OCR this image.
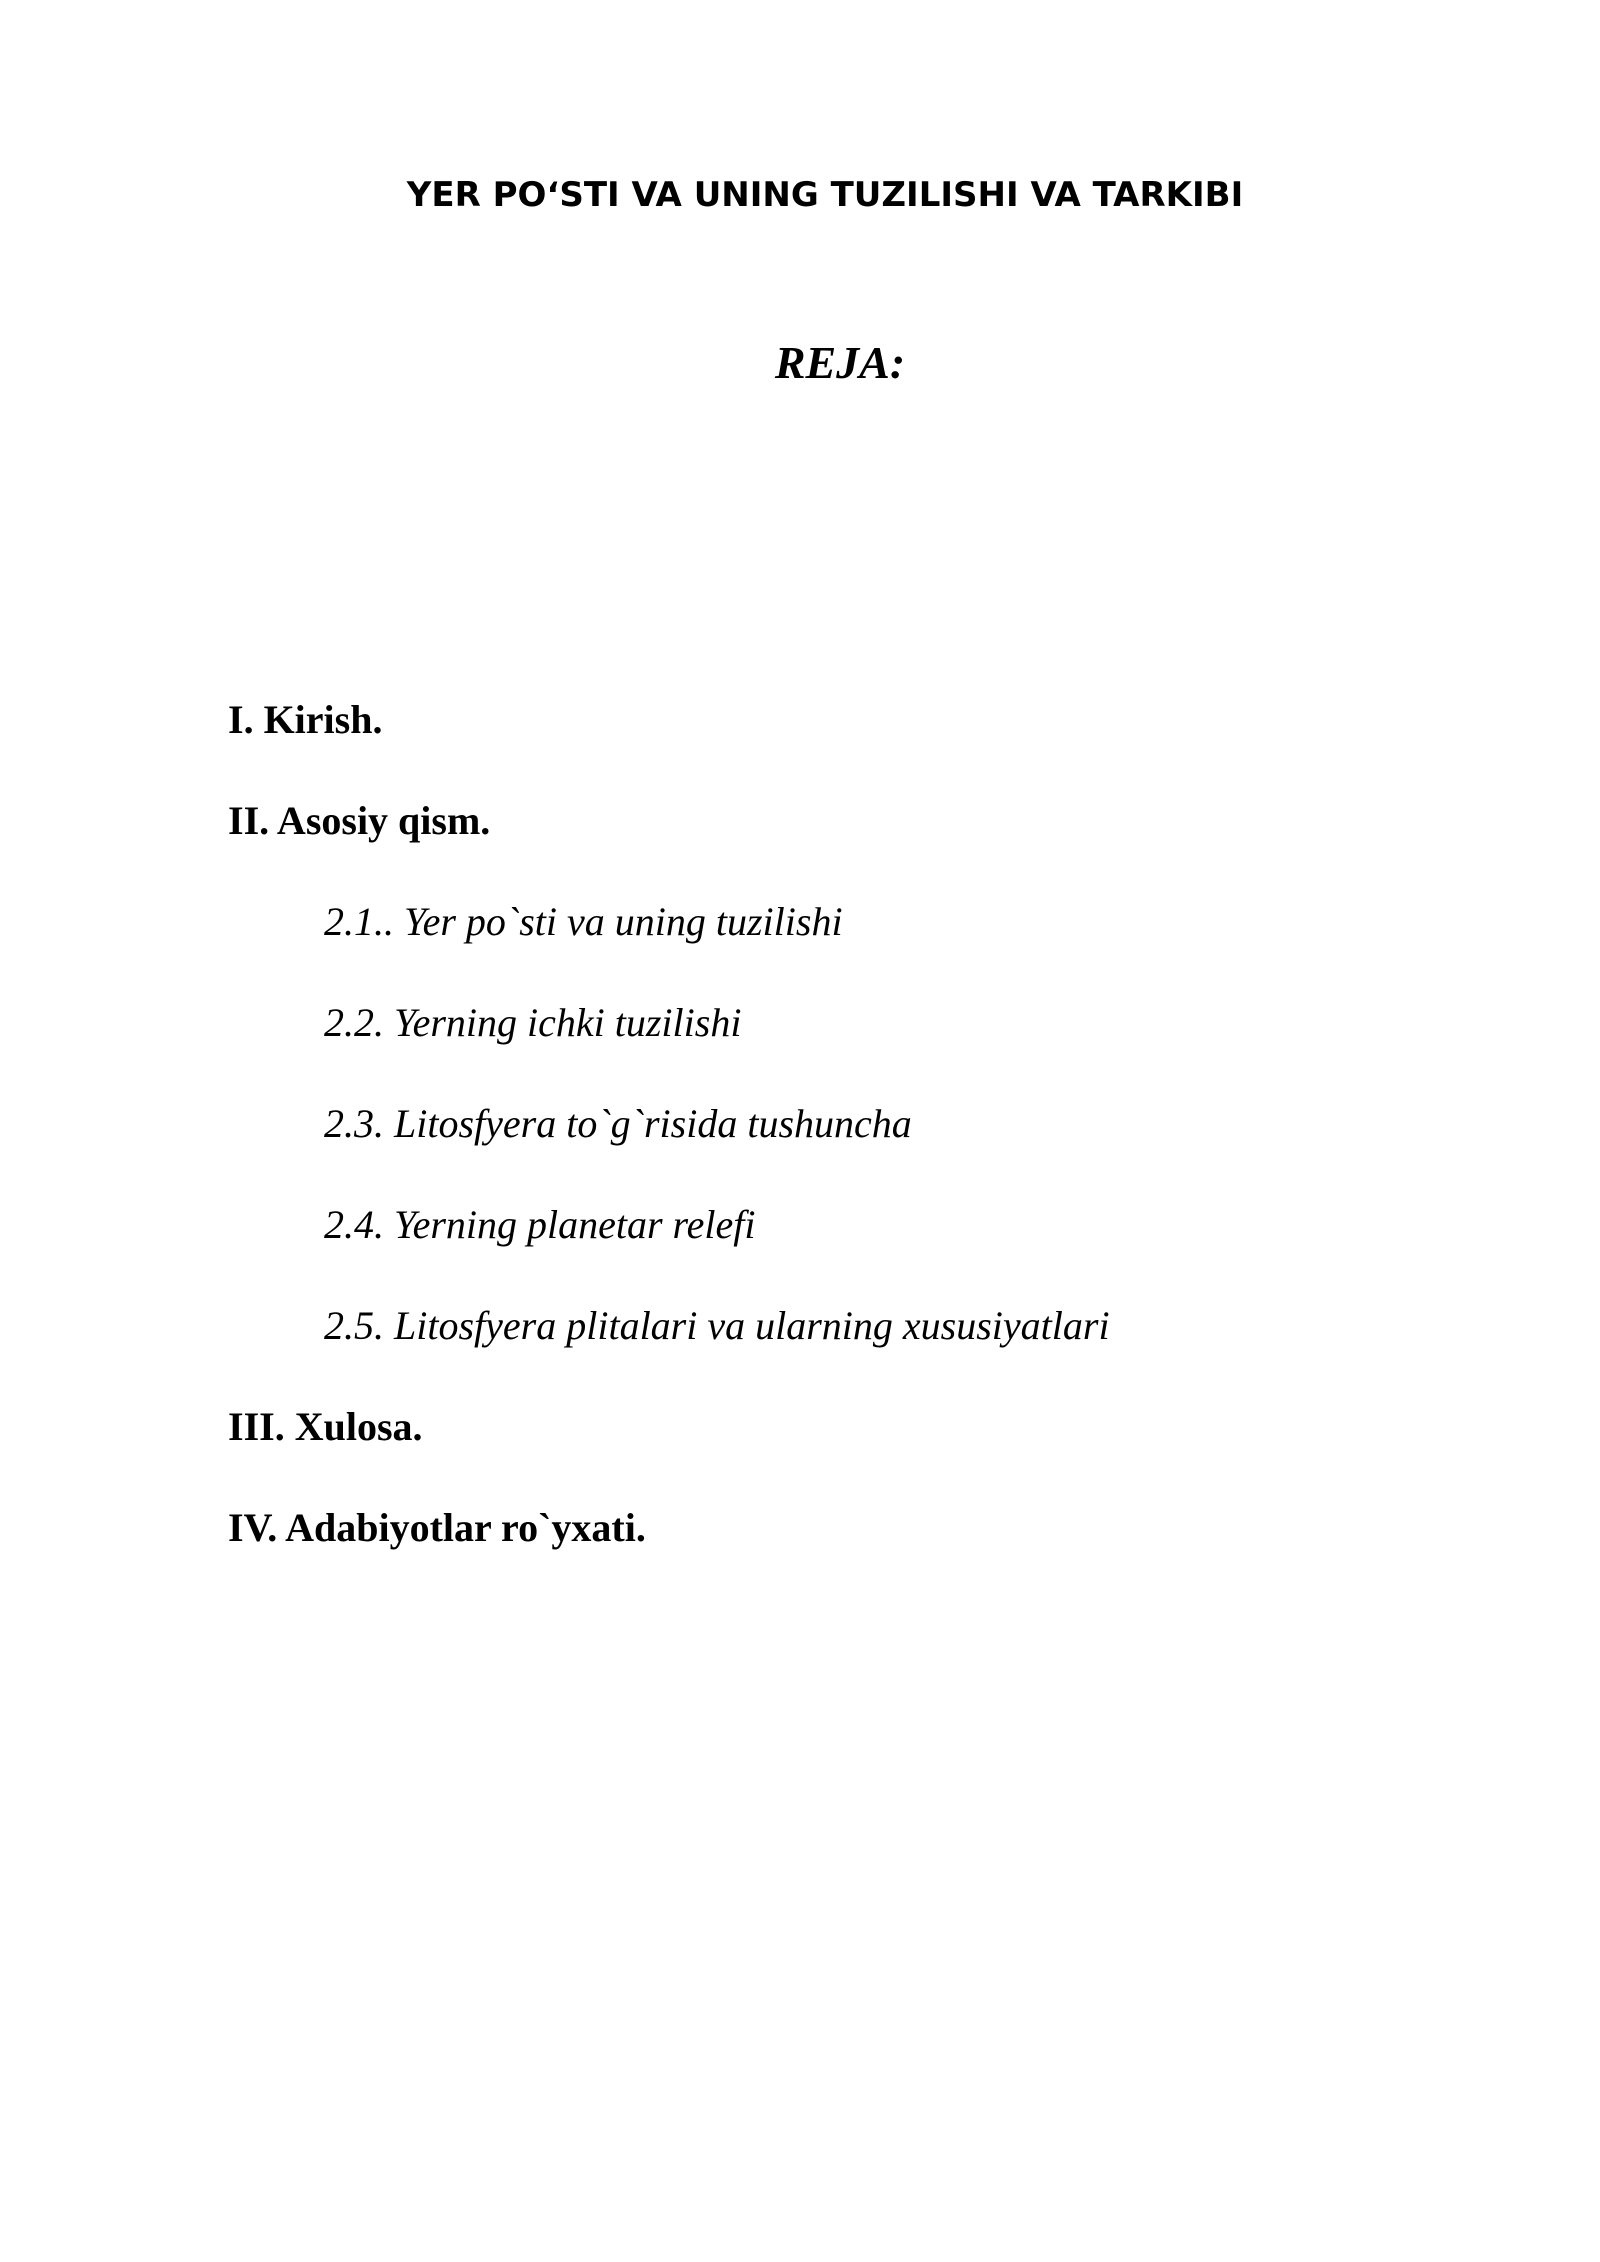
YER PO‘STI VA UNING TUZILISHI VA TARKIBI
REJA:
I. Kirish.
II. Asosiy qism.
2.1.. Yer po`sti va uning tuzilishi
2.2. Yerning ichki tuzilishi
2.3. Litosfyera to`g`risida tushuncha
2.4. Yerning planetar relefi
2.5. Litosfyera plitalari va ularning xususiyatlari
III. Xulosa.
IV. Adabiyotlar ro`yxati.
